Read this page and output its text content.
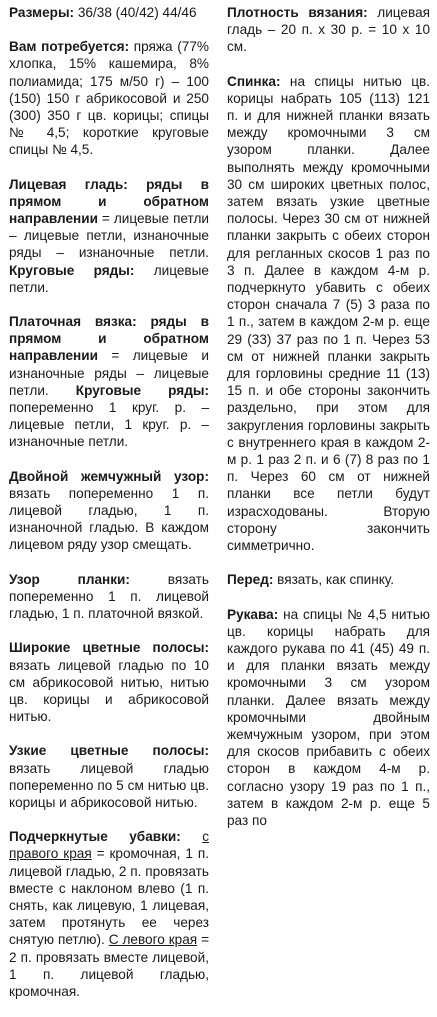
Размеры: 36/38 (40/42) 44/46

Вам потребуется: пряжа (77% хлопка, 15% кашемира, 8% полиамида; 175 м/50 г) – 100 (150) 150 г абрикосовой и 250 (300) 350 г цв. корицы; спицы № 4,5; короткие круговые спицы № 4,5.

Лицевая гладь: ряды в прямом и обратном направлении = лицевые петли – лицевые петли, изнаночные ряды – изнаночные петли. Круговые ряды: лицевые петли.

Платочная вязка: ряды в прямом и обратном направлении = лицевые и изнаночные ряды – лицевые петли. Круговые ряды: попеременно 1 круг. р. – лицевые петли, 1 круг. р. – изнаночные петли.

Двойной жемчужный узор: вязать попеременно 1 п. лицевой гладью, 1 п. изнаночной гладью. В каждом лицевом ряду узор смещать.

Узор планки: вязать попеременно 1 п. лицевой гладью, 1 п. платочной вязкой.

Широкие цветные полосы: вязать лицевой гладью по 10 см абрикосовой нитью, нитью цв. корицы и абрикосовой нитью.

Узкие цветные полосы: вязать лицевой гладью попеременно по 5 см нитью цв. корицы и абрикосовой нитью.

Подчеркнутые убавки: с правого края = кромочная, 1 п. лицевой гладью, 2 п. провязать вместе с наклоном влево (1 п. снять, как лицевую, 1 лицевая, затем протянуть ее через снятую петлю). С левого края = 2 п. провязать вместе лицевой, 1 п. лицевой гладью, кромочная.

Плотность вязания: лицевая гладь – 20 п. х 30 р. = 10 х 10 см.

Спинка: на спицы нитью цв. корицы набрать 105 (113) 121 п. и для нижней планки вязать между кромочными 3 см узором планки. Далее выполнять между кромочными 30 см широких цветных полос, затем вязать узкие цветные полосы. Через 30 см от нижней планки закрыть с обеих сторон для регланных скосов 1 раз по 3 п. Далее в каждом 4-м р. подчеркнуто убавить с обеих сторон сначала 7 (5) 3 раза по 1 п., затем в каждом 2-м р. еще 29 (33) 37 раз по 1 п. Через 53 см от нижней планки закрыть для горловины средние 11 (13) 15 п. и обе стороны закончить раздельно, при этом для закругления горловины закрыть с внутреннего края в каждом 2-м р. 1 раз 2 п. и 6 (7) 8 раз по 1 п. Через 60 см от нижней планки все петли будут израсходованы. Вторую сторону закончить симметрично.

Перед: вязать, как спинку.

Рукава: на спицы № 4,5 нитью цв. корицы набрать для каждого рукава по 41 (45) 49 п. и для планки вязать между кромочными 3 см узором планки. Далее вязать между кромочными двойным жемчужным узором, при этом для скосов прибавить с обеих сторон в каждом 4-м р. согласно узору 19 раз по 1 п., затем в каждом 2-м р. еще 5 раз по
